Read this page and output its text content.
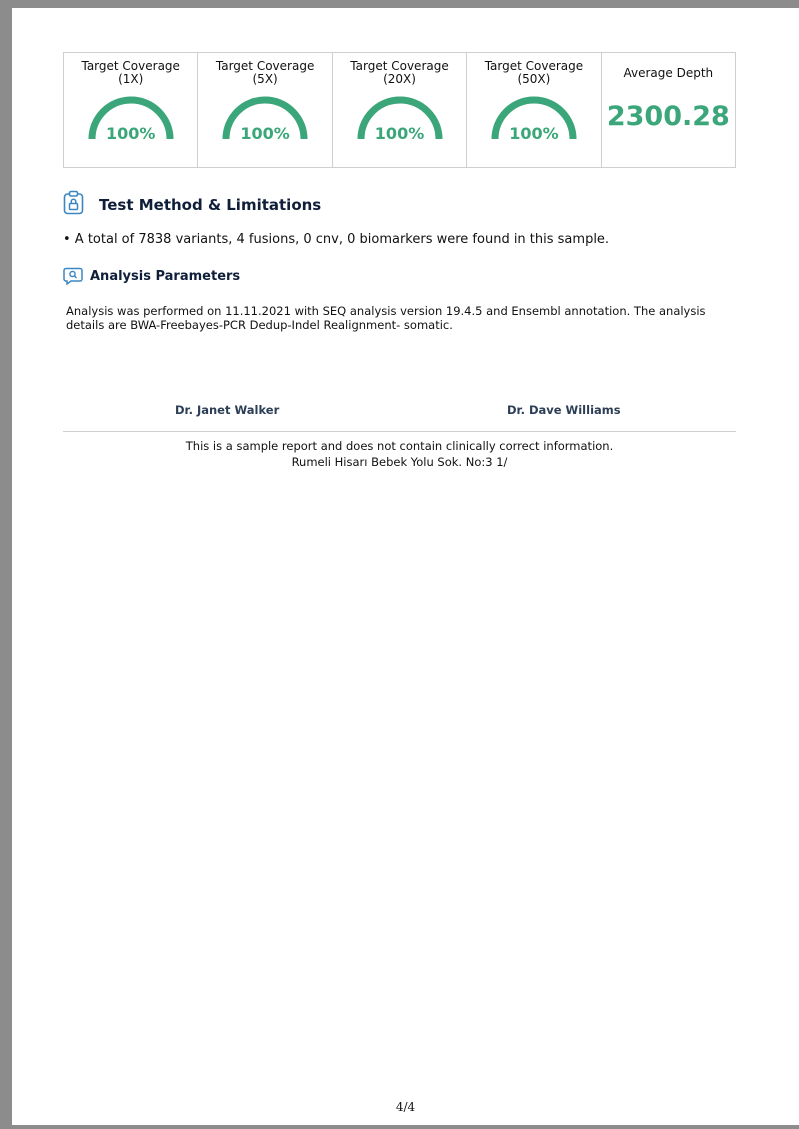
Target Coverage
(1X)
100%
Target Coverage
(5X)
100%
Target Coverage
(20X)
100%
Target Coverage
(50X)
100%
Average Depth
2300.28
Test Method & Limitations
• A total of 7838 variants, 4 fusions, 0 cnv, 0 biomarkers were found in this sample.
Analysis Parameters
Analysis was performed on 11.11.2021 with SEQ analysis version 19.4.5 and Ensembl annotation. The analysis details are BWA-Freebayes-PCR Dedup-Indel Realignment- somatic.
Dr. Janet Walker	Dr. Dave Williams
This is a sample report and does not contain clinically correct information.
Rumeli Hisarı Bebek Yolu Sok. No:3 1/
4/4
